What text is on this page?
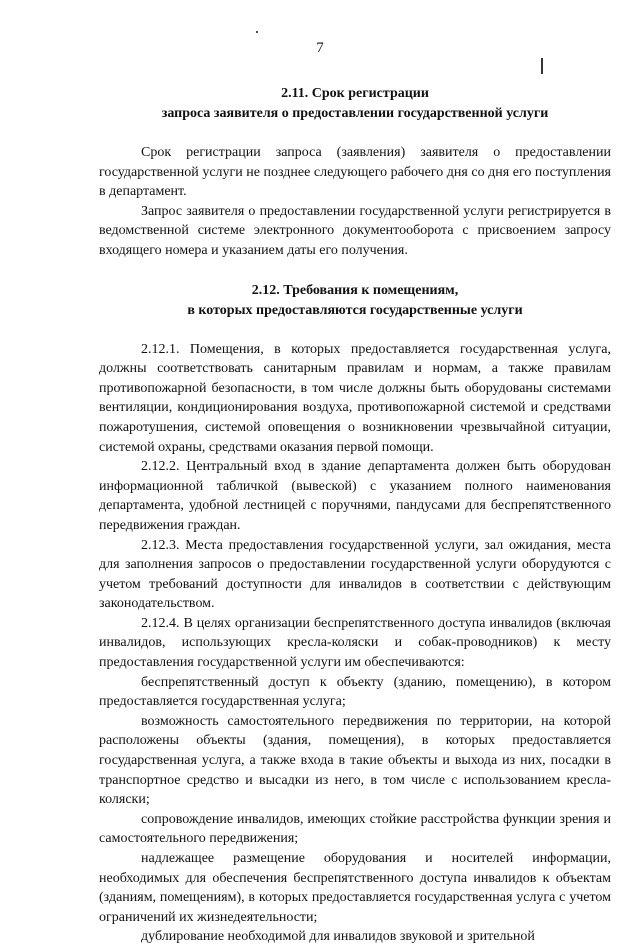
7
2.11. Срок регистрации
запроса заявителя о предоставлении государственной услуги

Срок регистрации запроса (заявления) заявителя о предоставлении государственной услуги не позднее следующего рабочего дня со дня его поступления в департамент.

Запрос заявителя о предоставлении государственной услуги регистрируется в ведомственной системе электронного документооборота с присвоением запросу входящего номера и указанием даты его получения.

2.12. Требования к помещениям,
в которых предоставляются государственные услуги

2.12.1. Помещения, в которых предоставляется государственная услуга, должны соответствовать санитарным правилам и нормам, а также правилам противопожарной безопасности, в том числе должны быть оборудованы системами вентиляции, кондиционирования воздуха, противопожарной системой и средствами пожаротушения, системой оповещения о возникновении чрезвычайной ситуации, системой охраны, средствами оказания первой помощи.

2.12.2. Центральный вход в здание департамента должен быть оборудован информационной табличкой (вывеской) с указанием полного наименования департамента, удобной лестницей с поручнями, пандусами для беспрепятственного передвижения граждан.

2.12.3. Места предоставления государственной услуги, зал ожидания, места для заполнения запросов о предоставлении государственной услуги оборудуются с учетом требований доступности для инвалидов в соответствии с действующим законодательством.

2.12.4. В целях организации беспрепятственного доступа инвалидов (включая инвалидов, использующих кресла-коляски и собак-проводников) к месту предоставления государственной услуги им обеспечиваются:

беспрепятственный доступ к объекту (зданию, помещению), в котором предоставляется государственная услуга;

возможность самостоятельного передвижения по территории, на которой расположены объекты (здания, помещения), в которых предоставляется государственная услуга, а также входа в такие объекты и выхода из них, посадки в транспортное средство и высадки из него, в том числе с использованием кресла-коляски;

сопровождение инвалидов, имеющих стойкие расстройства функции зрения и самостоятельного передвижения;

надлежащее размещение оборудования и носителей информации, необходимых для обеспечения беспрепятственного доступа инвалидов к объектам (зданиям, помещениям), в которых предоставляется государственная услуга с учетом ограничений их жизнедеятельности;

дублирование необходимой для инвалидов звуковой и зрительной
